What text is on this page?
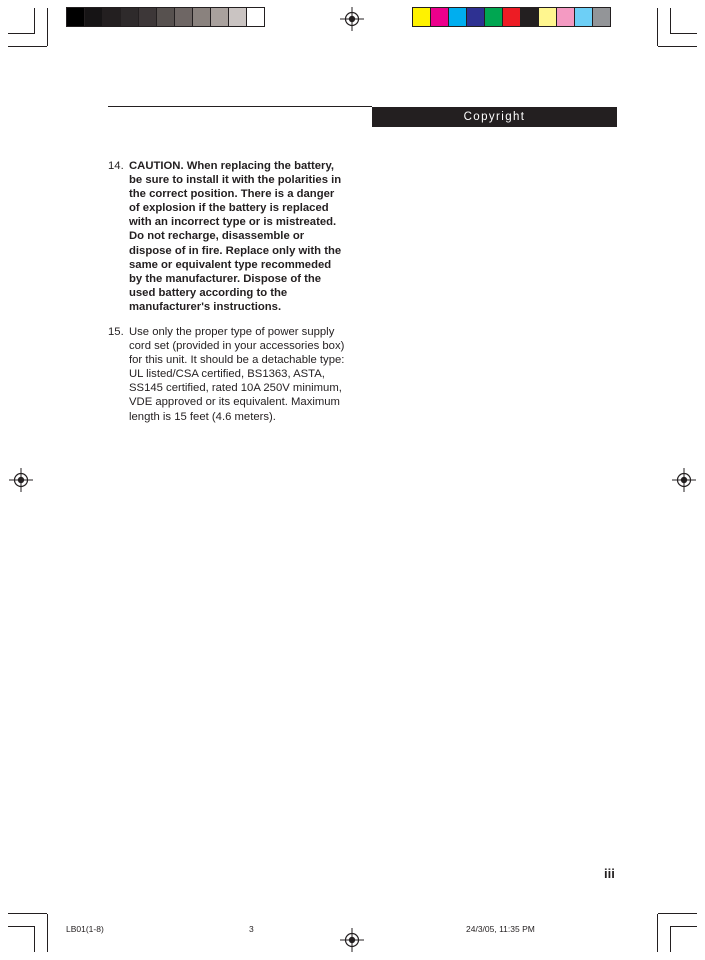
Copyright
14. CAUTION. When replacing the battery,
be sure to install it with the polarities in
the correct position. There is a danger
of explosion if the battery is replaced
with an incorrect type or is mistreated.
Do not recharge, disassemble or
dispose of in fire. Replace only with the
same or equivalent type recommeded
by the manufacturer. Dispose of the
used battery according to the
manufacturer's instructions.
15. Use only the proper type of power supply
cord set (provided in your accessories box)
for this unit. It should be a detachable type:
UL listed/CSA certified, BS1363, ASTA,
SS145 certified, rated 10A 250V minimum,
VDE approved or its equivalent. Maximum
length is 15 feet (4.6 meters).
iii
LB01(1-8)	3	24/3/05, 11:35 PM
